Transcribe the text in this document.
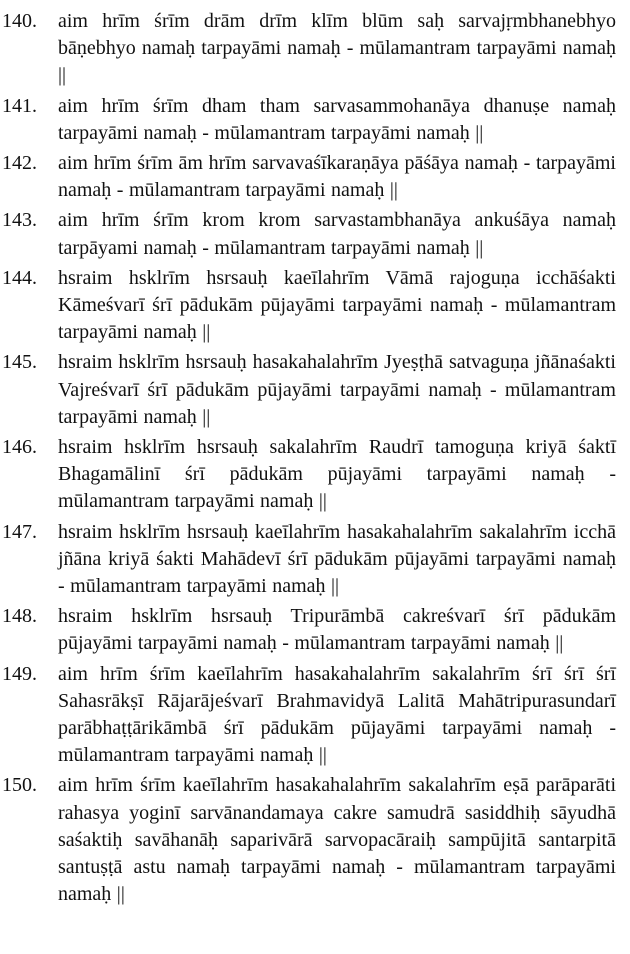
140.	aim hrīm śrīm drām drīm klīm blūm saḥ sarvajṛmbhanebhyo bāṇebhyo namaḥ tarpayāmi namaḥ - mūlamantram tarpayāmi namaḥ ||
141.	aim hrīm śrīm dham tham sarvasammohanāya dhanuṣe namaḥ tarpayāmi namaḥ - mūlamantram tarpayāmi namaḥ ||
142.	aim hrīm śrīm ām hrīm sarvavaśīkaraṇāya pāśāya namaḥ - tarpayāmi namaḥ - mūlamantram tarpayāmi namaḥ ||
143.	aim hrīm śrīm krom krom sarvastambhanāya ankuśāya namaḥ tarpāyami namaḥ - mūlamantram tarpayāmi namaḥ ||
144.	hsraim hsklrīm hsrsauḥ kaeīlahrīm Vāmā rajoguṇa icchāśakti Kāmeśvarī śrī pādukām pūjayāmi tarpayāmi namaḥ - mūlamantram tarpayāmi namaḥ ||
145.	hsraim hsklrīm hsrsauḥ hasakahalahrīm Jyeṣṭhā satvaguṇa jñānaśakti Vajreśvarī śrī pādukām pūjayāmi tarpayāmi namaḥ - mūlamantram tarpayāmi namaḥ ||
146.	hsraim hsklrīm hsrsauḥ sakalahrīm Raudrī tamoguṇa kriyā śaktī Bhagamālinī śrī pādukām pūjayāmi tarpayāmi namaḥ - mūlamantram tarpayāmi namaḥ ||
147.	hsraim hsklrīm hsrsauḥ kaeīlahrīm hasakahalahrīm sakalahrīm icchā jñāna kriyā śakti Mahādevī śrī pādukām pūjayāmi tarpayāmi namaḥ - mūlamantram tarpayāmi namaḥ ||
148.	hsraim hsklrīm hsrsauḥ Tripurāmbā cakreśvarī śrī pādukām pūjayāmi tarpayāmi namaḥ - mūlamantram tarpayāmi namaḥ ||
149.	aim hrīm śrīm kaeīlahrīm hasakahalahrīm sakalahrīm śrī śrī śrī Sahasrākṣī Rājarājeśvarī Brahmavidyā Lalitā Mahātripurasundarī parābhaṭṭārikāmbā śrī pādukām pūjayāmi tarpayāmi namaḥ - mūlamantram tarpayāmi namaḥ ||
150.	aim hrīm śrīm kaeīlahrīm hasakahalahrīm sakalahrīm eṣā parāparāti rahasya yoginī sarvānandamaya cakre samudrā sasiddhiḥ sāyudhā saśaktiḥ savāhanāḥ saparivārā sarvopacāraiḥ sampūjitā santarpitā santuṣṭā astu namaḥ tarpayāmi namaḥ - mūlamantram tarpayāmi namaḥ ||
